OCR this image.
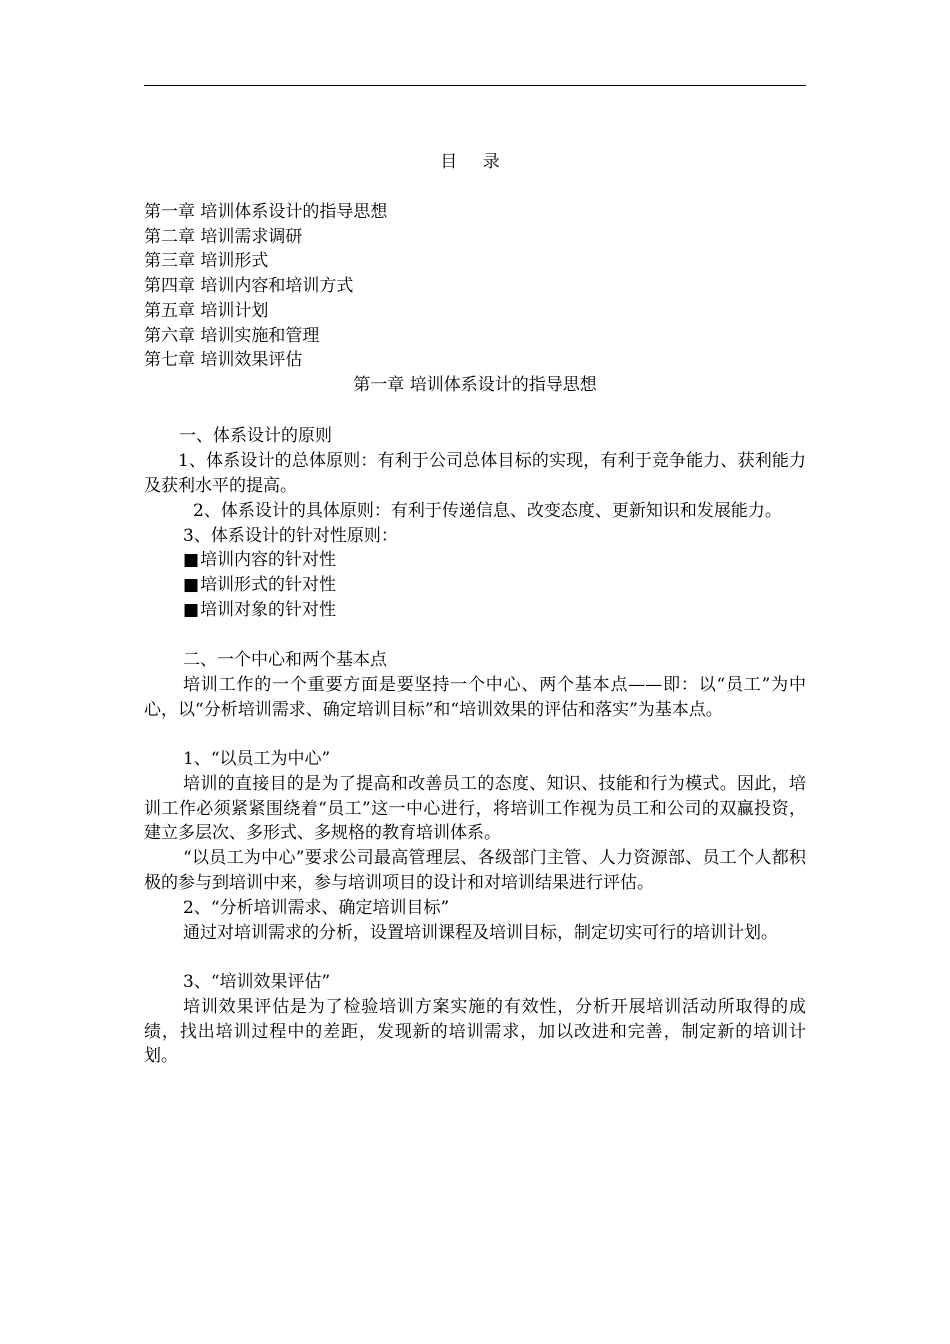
目 录
第一章 培训体系设计的指导思想
第二章 培训需求调研
第三章 培训形式
第四章 培训内容和培训方式
第五章 培训计划
第六章 培训实施和管理
第七章 培训效果评估
第一章 培训体系设计的指导思想
一、体系设计的原则
1、体系设计的总体原则：有利于公司总体目标的实现，有利于竞争能力、获利能力及获利水平的提高。
2、体系设计的具体原则：有利于传递信息、改变态度、更新知识和发展能力。
3、体系设计的针对性原则：
■培训内容的针对性
■培训形式的针对性
■培训对象的针对性
二、一个中心和两个基本点
培训工作的一个重要方面是要坚持一个中心、两个基本点——即：以“员工”为中心，以“分析培训需求、确定培训目标”和“培训效果的评估和落实”为基本点。
1、“以员工为中心”
培训的直接目的是为了提高和改善员工的态度、知识、技能和行为模式。因此，培训工作必须紧紧围绕着“员工”这一中心进行，将培训工作视为员工和公司的双赢投资，建立多层次、多形式、多规格的教育培训体系。
“以员工为中心”要求公司最高管理层、各级部门主管、人力资源部、员工个人都积极的参与到培训中来，参与培训项目的设计和对培训结果进行评估。
2、“分析培训需求、确定培训目标”
通过对培训需求的分析，设置培训课程及培训目标，制定切实可行的培训计划。
3、“培训效果评估”
培训效果评估是为了检验培训方案实施的有效性，分析开展培训活动所取得的成绩，找出培训过程中的差距，发现新的培训需求，加以改进和完善，制定新的培训计划。
